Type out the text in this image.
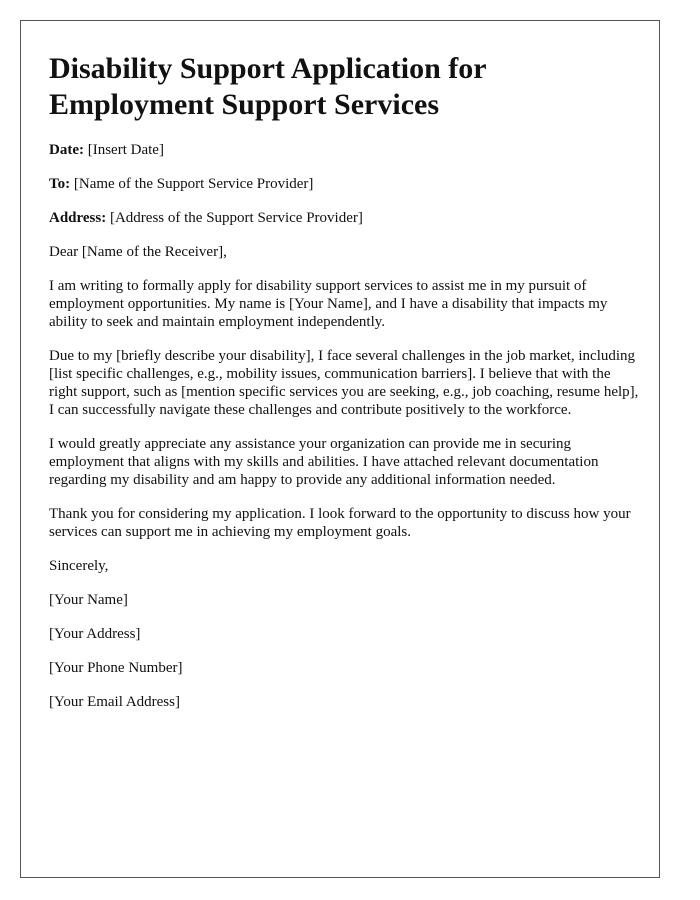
Disability Support Application for Employment Support Services

Date: [Insert Date]

To: [Name of the Support Service Provider]

Address: [Address of the Support Service Provider]

Dear [Name of the Receiver],

I am writing to formally apply for disability support services to assist me in my pursuit of employment opportunities. My name is [Your Name], and I have a disability that impacts my ability to seek and maintain employment independently.

Due to my [briefly describe your disability], I face several challenges in the job market, including [list specific challenges, e.g., mobility issues, communication barriers]. I believe that with the right support, such as [mention specific services you are seeking, e.g., job coaching, resume help], I can successfully navigate these challenges and contribute positively to the workforce.

I would greatly appreciate any assistance your organization can provide me in securing employment that aligns with my skills and abilities. I have attached relevant documentation regarding my disability and am happy to provide any additional information needed.

Thank you for considering my application. I look forward to the opportunity to discuss how your services can support me in achieving my employment goals.

Sincerely,

[Your Name]

[Your Address]

[Your Phone Number]

[Your Email Address]
